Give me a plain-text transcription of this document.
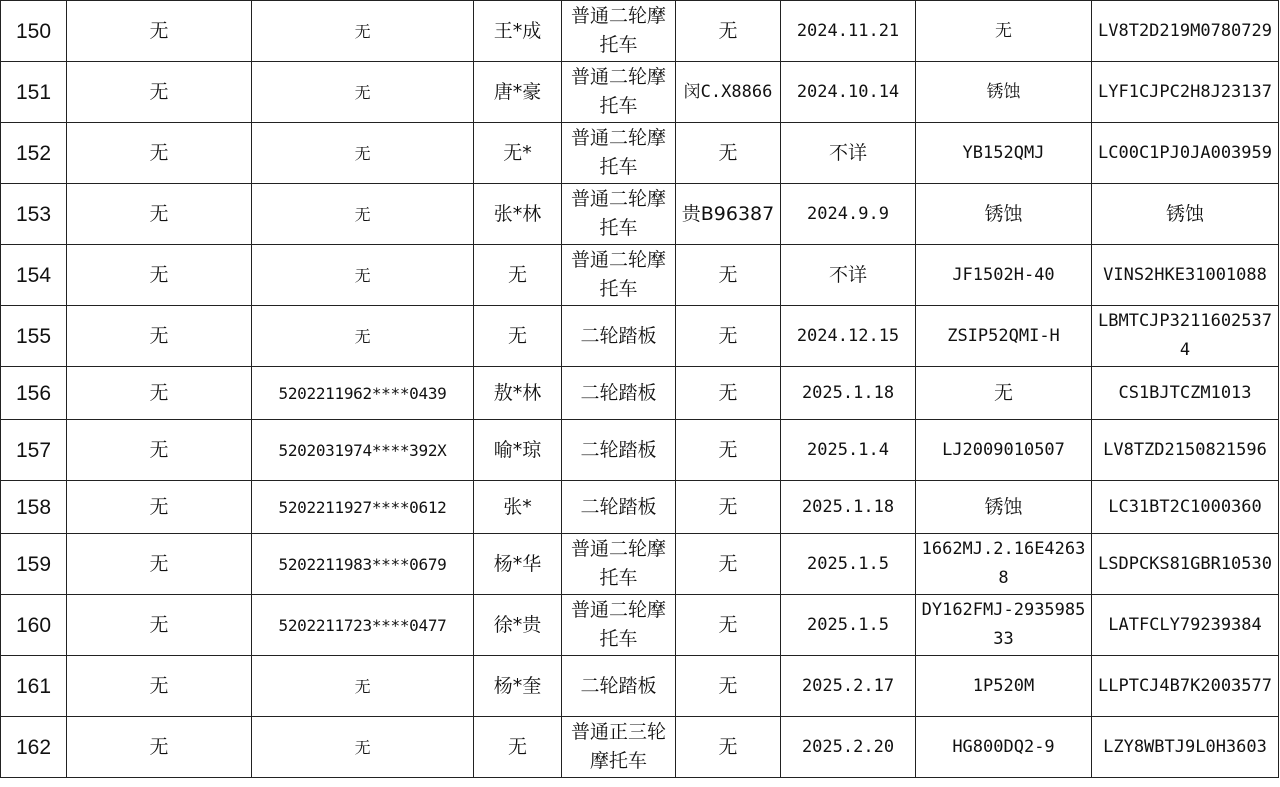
150	无	无	王*成	普通二轮摩托车	无	2024.11.21	无	LV8T2D219M0780729
151	无	无	唐*豪	普通二轮摩托车	闵C.X8866	2024.10.14	锈蚀	LYF1CJPC2H8J23137
152	无	无	无*	普通二轮摩托车	无	不详	YB152QMJ	LC00C1PJ0JA003959
153	无	无	张*林	普通二轮摩托车	贵B96387	2024.9.9	锈蚀	锈蚀
154	无	无	无	普通二轮摩托车	无	不详	JF1502H-40	VINS2HKE31001088
155	无	无	无	二轮踏板	无	2024.12.15	ZSIP52QMI-H	LBMTCJP32116025374
156	无	5202211962****0439	敖*林	二轮踏板	无	2025.1.18	无	CS1BJTCZM1013
157	无	5202031974****392X	喻*琼	二轮踏板	无	2025.1.4	LJ2009010507	LV8TZD2150821596
158	无	5202211927****0612	张*	二轮踏板	无	2025.1.18	锈蚀	LC31BT2C1000360
159	无	5202211983****0679	杨*华	普通二轮摩托车	无	2025.1.5	1662MJ.2.16E42638	LSDPCKS81GBR10530
160	无	5202211723****0477	徐*贵	普通二轮摩托车	无	2025.1.5	DY162FMJ-293598533	LATFCLY79239384
161	无	无	杨*奎	二轮踏板	无	2025.2.17	1P520M	LLPTCJ4B7K2003577
162	无	无	无	普通正三轮摩托车	无	2025.2.20	HG800DQ2-9	LZY8WBTJ9L0H3603
